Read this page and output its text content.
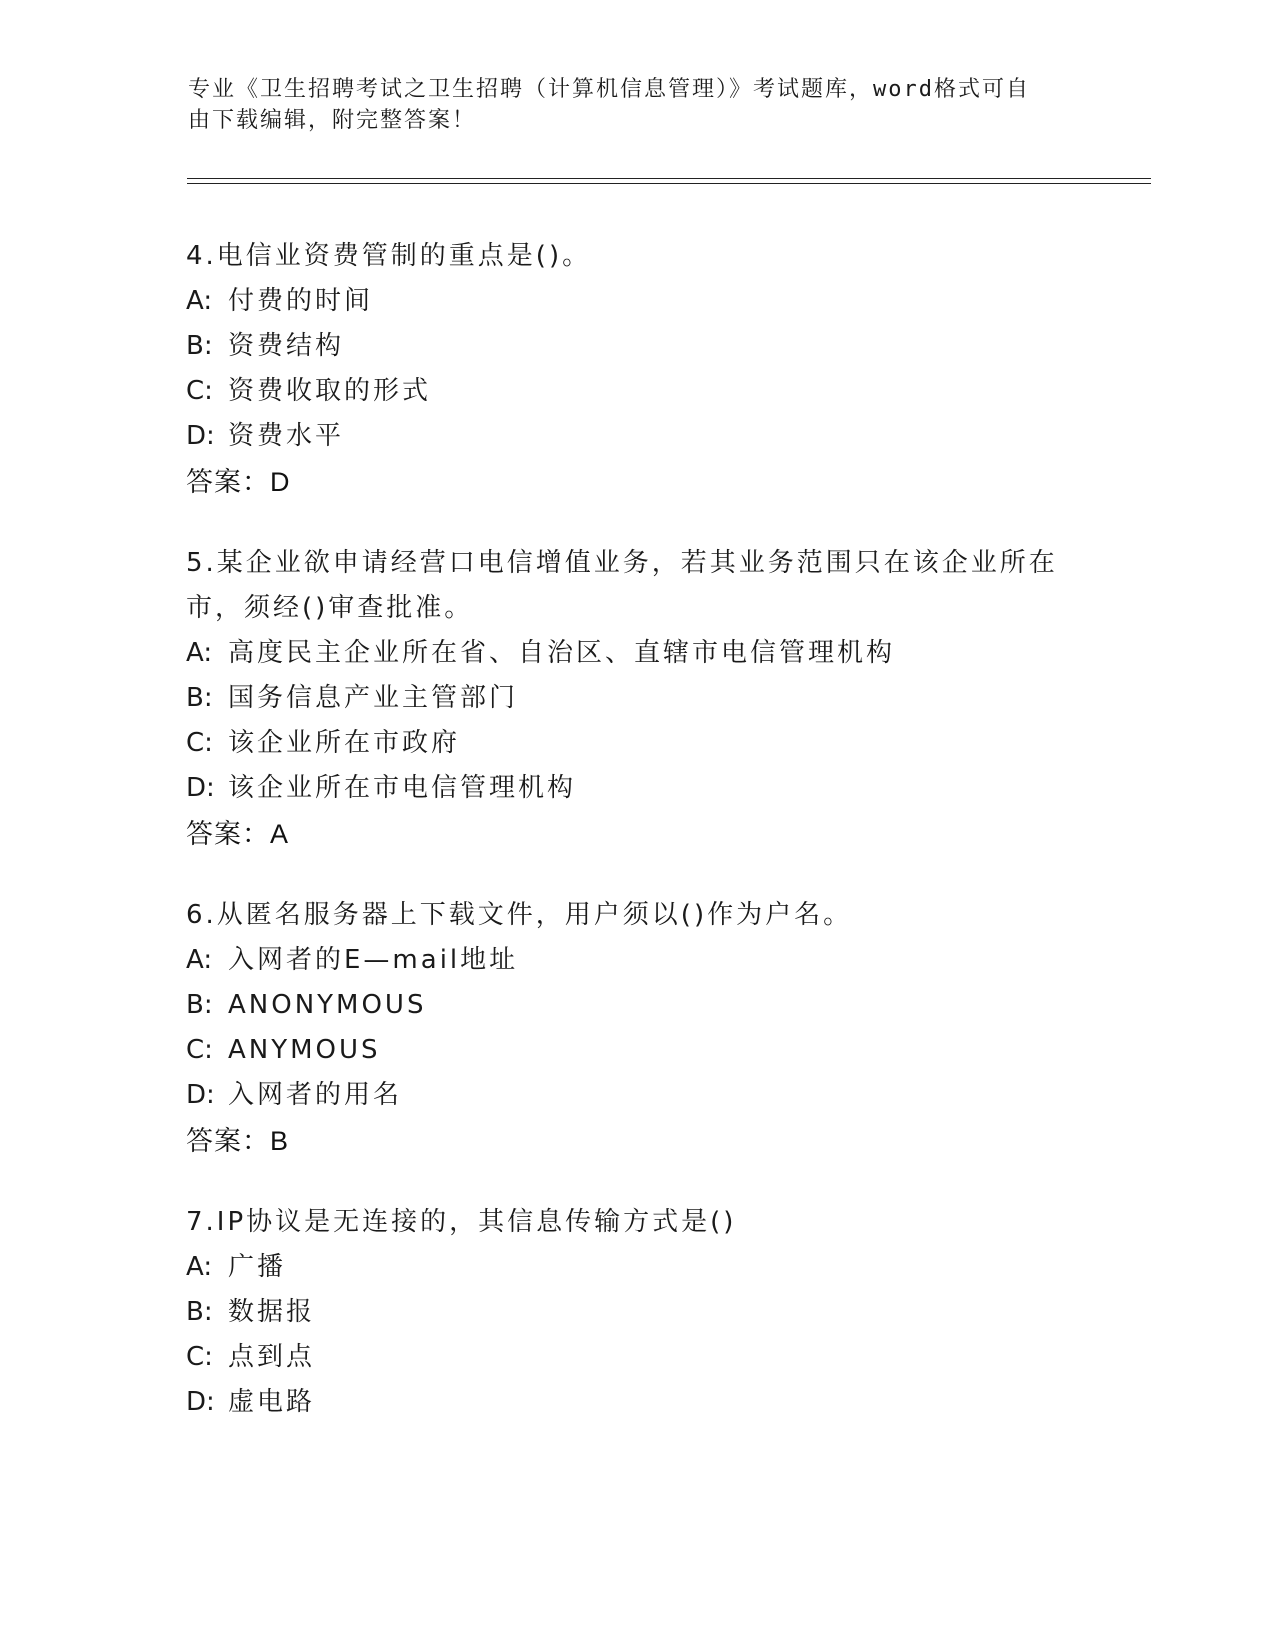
专业《卫生招聘考试之卫生招聘（计算机信息管理）》考试题库，word格式可自
由下载编辑，附完整答案！

4.电信业资费管制的重点是()。

A: 付费的时间

B: 资费结构

C: 资费收取的形式

D: 资费水平

答案：D

5.某企业欲申请经营口电信增值业务，若其业务范围只在该企业所在

市，须经()审查批准。

A: 高度民主企业所在省、自治区、直辖市电信管理机构

B: 国务信息产业主管部门

C: 该企业所在市政府

D: 该企业所在市电信管理机构

答案：A

6.从匿名服务器上下载文件，用户须以()作为户名。

A: 入网者的E—mail地址

B: ANONYMOUS

C: ANYMOUS

D: 入网者的用名

答案：B

7.IP协议是无连接的，其信息传输方式是()

A: 广播

B: 数据报

C: 点到点

D: 虚电路
